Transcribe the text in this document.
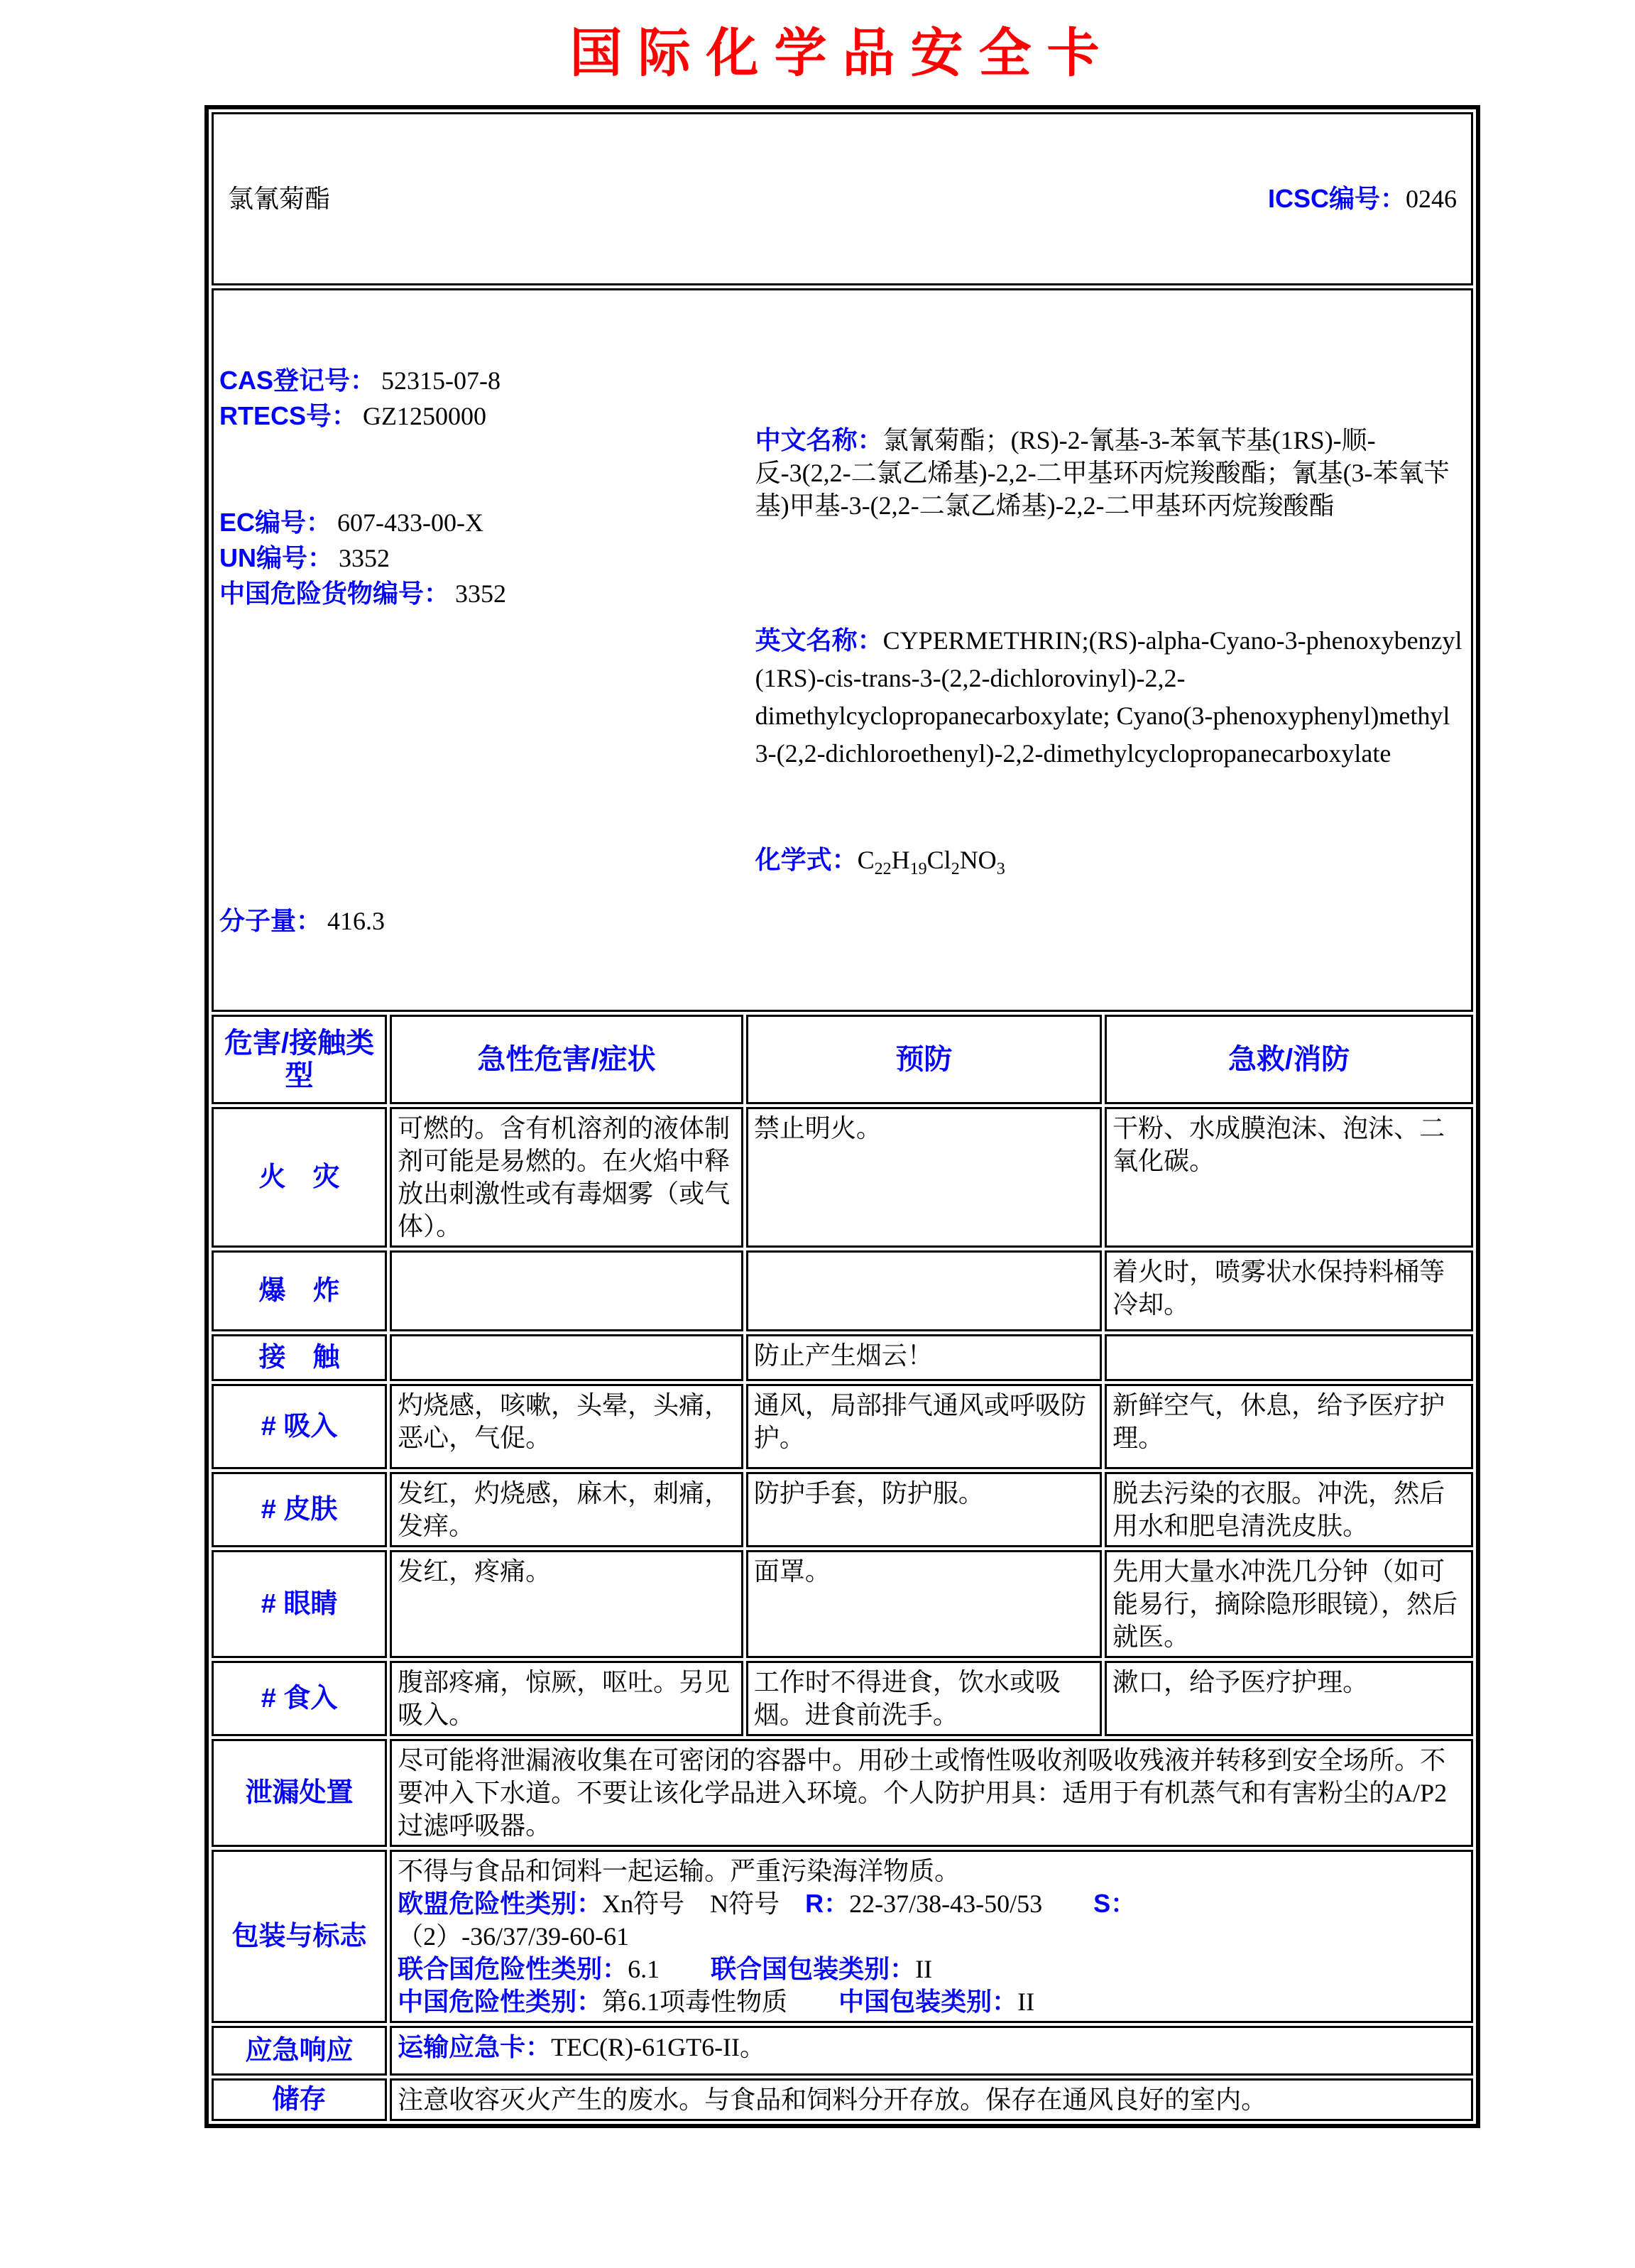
国际化学品安全卡

氯氰菊酯 ICSC编号：0246			

CAS登记号： 52315-07-8
RTECS号： GZ1250000
EC编号： 607-433-00-X
UN编号： 3352
中国危险货物编号： 3352
分子量： 416.3

中文名称：氯氰菊酯；(RS)-2-氰基-3-苯氧苄基(1RS)-顺-反-3(2,2-二氯乙烯基)-2,2-二甲基环丙烷羧酸酯；氰基(3-苯氧苄基)甲基-3-(2,2-二氯乙烯基)-2,2-二甲基环丙烷羧酸酯

英文名称：CYPERMETHRIN;(RS)-alpha-Cyano-3-phenoxybenzyl (1RS)-cis-trans-3-(2,2-dichlorovinyl)-2,2-dimethylcyclopropanecarboxylate; Cyano(3-phenoxyphenyl)methyl 3-(2,2-dichloroethenyl)-2,2-dimethylcyclopropanecarboxylate

化学式：$C_{22}H_{19}Cl_2NO_3$

危害/接触类型	急性危害/症状	预防	急救/消防
火　灾	可燃的。含有机溶剂的液体制剂可能是易燃的。在火焰中释放出刺激性或有毒烟雾（或气体）。	禁止明火。	干粉、水成膜泡沫、泡沫、二氧化碳。
爆　炸			着火时，喷雾状水保持料桶等冷却。
接　触		防止产生烟云！	
# 吸入	灼烧感，咳嗽，头晕，头痛，恶心，气促。	通风，局部排气通风或呼吸防护。	新鲜空气，休息，给予医疗护理。
# 皮肤	发红，灼烧感，麻木，刺痛，发痒。	防护手套，防护服。	脱去污染的衣服。冲洗，然后用水和肥皂清洗皮肤。
# 眼睛	发红，疼痛。	面罩。	先用大量水冲洗几分钟（如可能易行，摘除隐形眼镜），然后就医。
# 食入	腹部疼痛，惊厥，呕吐。另见吸入。	工作时不得进食，饮水或吸烟。进食前洗手。	漱口，给予医疗护理。
泄漏处置	尽可能将泄漏液收集在可密闭的容器中。用砂土或惰性吸收剂吸收残液并转移到安全场所。不要冲入下水道。不要让该化学品进入环境。个人防护用具：适用于有机蒸气和有害粉尘的A/P2过滤呼吸器。		

包装与标志	不得与食品和饲料一起运输。严重污染海洋物质。
欧盟危险性类别：Xn符号　N符号　R：22-37/38-43-50/53　　S：
（2）-36/37/39-60-61
联合国危险性类别：6.1　　联合国包装类别：II
中国危险性类别：第6.1项毒性物质　　中国包装类别：II		

应急响应	运输应急卡：TEC(R)-61GT6-II。		

储存	注意收容灭火产生的废水。与食品和饲料分开存放。保存在通风良好的室内。		
